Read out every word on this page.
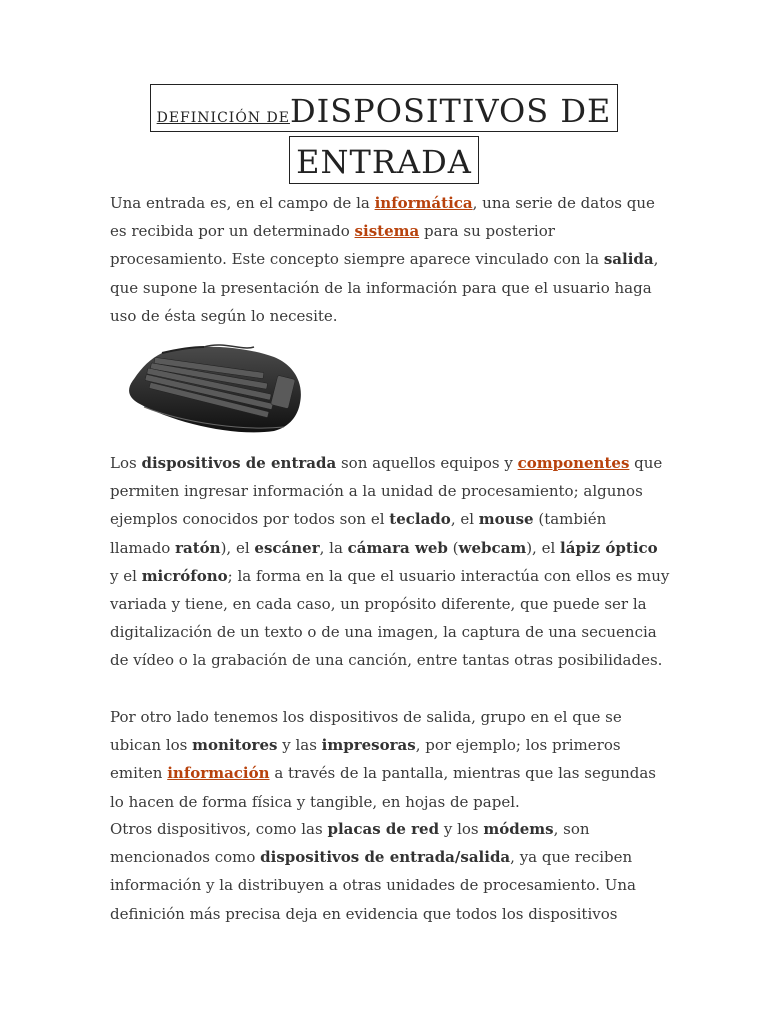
DEFINICIÓN DEDISPOSITIVOS DE
ENTRADA

Una entrada es, en el campo de la informática, una serie de datos que es recibida por un determinado sistema para su posterior procesamiento. Este concepto siempre aparece vinculado con la salida, que supone la presentación de la información para que el usuario haga uso de ésta según lo necesite.

Los dispositivos de entrada son aquellos equipos y componentes que permiten ingresar información a la unidad de procesamiento; algunos ejemplos conocidos por todos son el teclado, el mouse (también llamado ratón), el escáner, la cámara web (webcam), el lápiz óptico y el micrófono; la forma en la que el usuario interactúa con ellos es muy variada y tiene, en cada caso, un propósito diferente, que puede ser la digitalización de un texto o de una imagen, la captura de una secuencia de vídeo o la grabación de una canción, entre tantas otras posibilidades.

Por otro lado tenemos los dispositivos de salida, grupo en el que se ubican los monitores y las impresoras, por ejemplo; los primeros emiten información a través de la pantalla, mientras que las segundas lo hacen de forma física y tangible, en hojas de papel.

Otros dispositivos, como las placas de red y los módems, son mencionados como dispositivos de entrada/salida, ya que reciben información y la distribuyen a otras unidades de procesamiento. Una definición más precisa deja en evidencia que todos los dispositivos
